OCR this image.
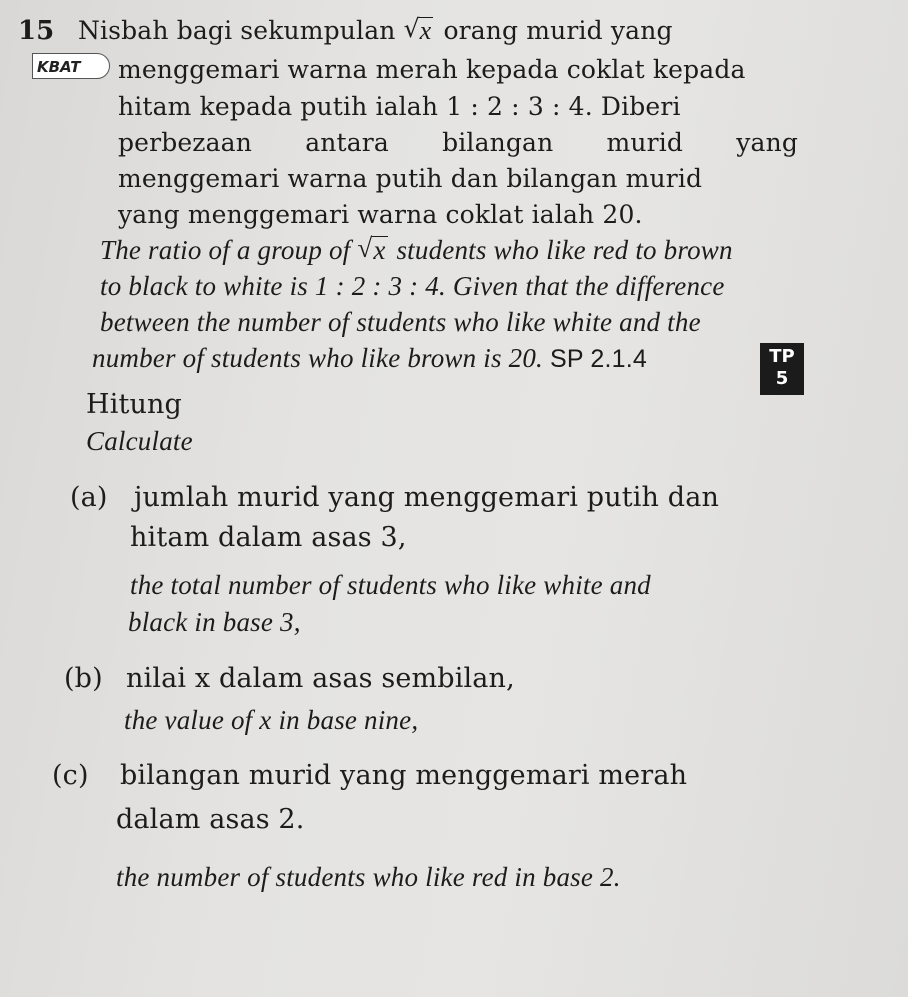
15
KBAT
Nisbah bagi sekumpulan √ x orang murid yang
menggemari warna merah kepada coklat kepada
hitam kepada putih ialah 1 : 2 : 3 : 4. Diberi
perbezaan antara bilangan murid yang
menggemari warna putih dan bilangan murid
yang menggemari warna coklat ialah 20.
The ratio of a group of √ x students who like red to brown
to black to white is 1 : 2 : 3 : 4. Given that the difference
between the number of students who like white and the
number of students who like brown is 20. SP 2.1.4	TP
5
Hitung
Calculate
(a) jumlah murid yang menggemari putih dan
hitam dalam asas 3,
the total number of students who like white and
black in base 3,
(b) nilai x dalam asas sembilan,
the value of x in base nine,
(c) bilangan murid yang menggemari merah
dalam asas 2.
the number of students who like red in base 2.
